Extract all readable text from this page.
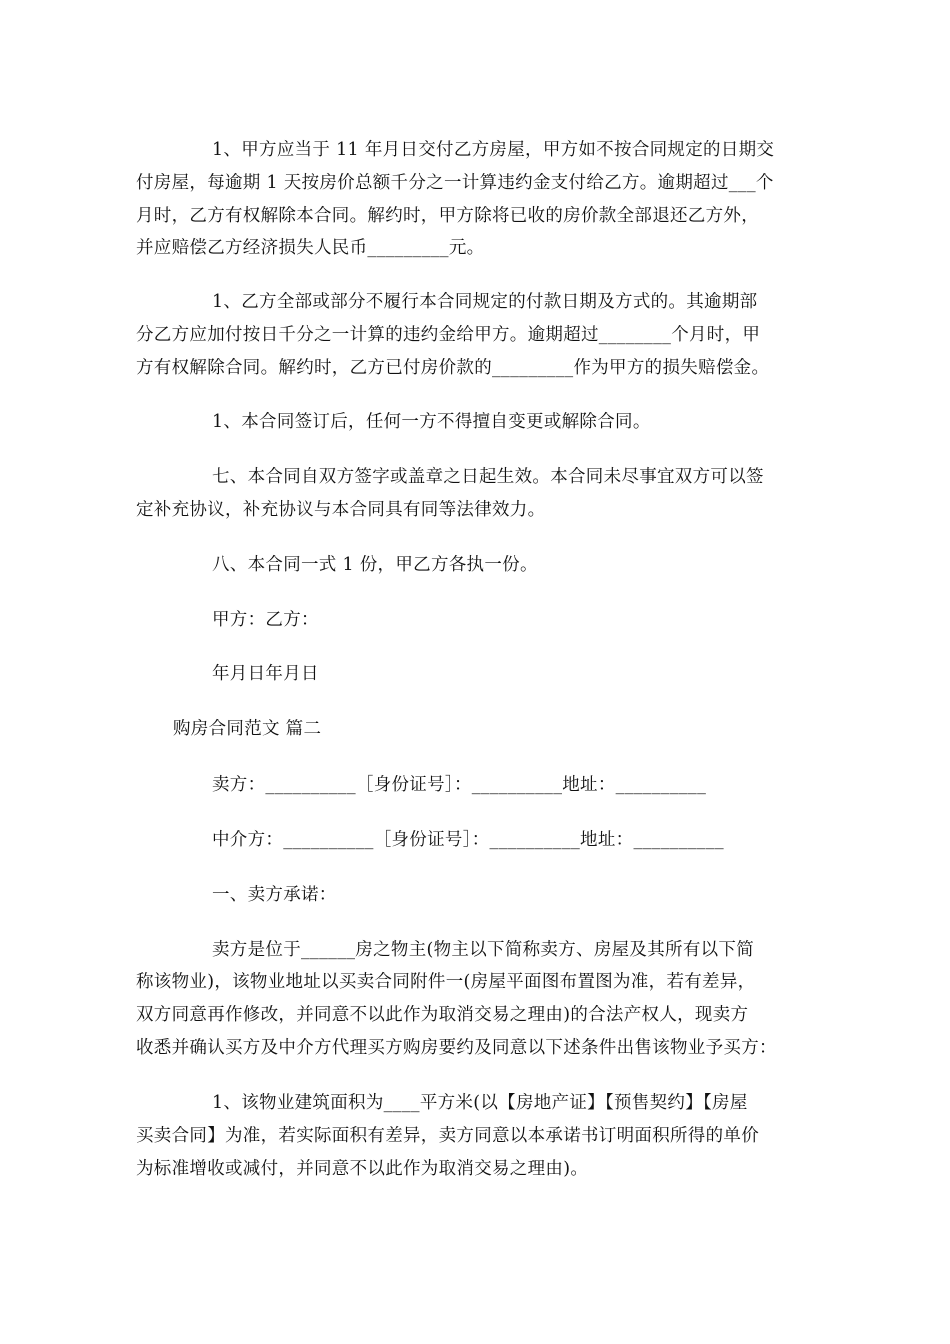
1、甲方应当于 11 年月日交付乙方房屋，甲方如不按合同规定的日期交
付房屋，每逾期 1 天按房价总额千分之一计算违约金支付给乙方。逾期超过___个
月时，乙方有权解除本合同。解约时，甲方除将已收的房价款全部退还乙方外，
并应赔偿乙方经济损失人民币_________元。
1、乙方全部或部分不履行本合同规定的付款日期及方式的。其逾期部
分乙方应加付按日千分之一计算的违约金给甲方。逾期超过________个月时，甲
方有权解除合同。解约时，乙方已付房价款的_________作为甲方的损失赔偿金。
1、本合同签订后，任何一方不得擅自变更或解除合同。
七、本合同自双方签字或盖章之日起生效。本合同未尽事宜双方可以签
定补充协议，补充协议与本合同具有同等法律效力。
八、本合同一式 1 份，甲乙方各执一份。
甲方：乙方：
年月日年月日
购房合同范文 篇二
卖方：__________［身份证号］：__________地址：__________
中介方：__________［身份证号］：__________地址：__________
一、卖方承诺：
卖方是位于______房之物主(物主以下简称卖方、房屋及其所有以下简
称该物业)，该物业地址以买卖合同附件一(房屋平面图布置图为准，若有差异，
双方同意再作修改，并同意不以此作为取消交易之理由)的合法产权人，现卖方
收悉并确认买方及中介方代理买方购房要约及同意以下述条件出售该物业予买方：
1、该物业建筑面积为____平方米(以【房地产证】【预售契约】【房屋
买卖合同】为准，若实际面积有差异，卖方同意以本承诺书订明面积所得的单价
为标准增收或减付，并同意不以此作为取消交易之理由)。
